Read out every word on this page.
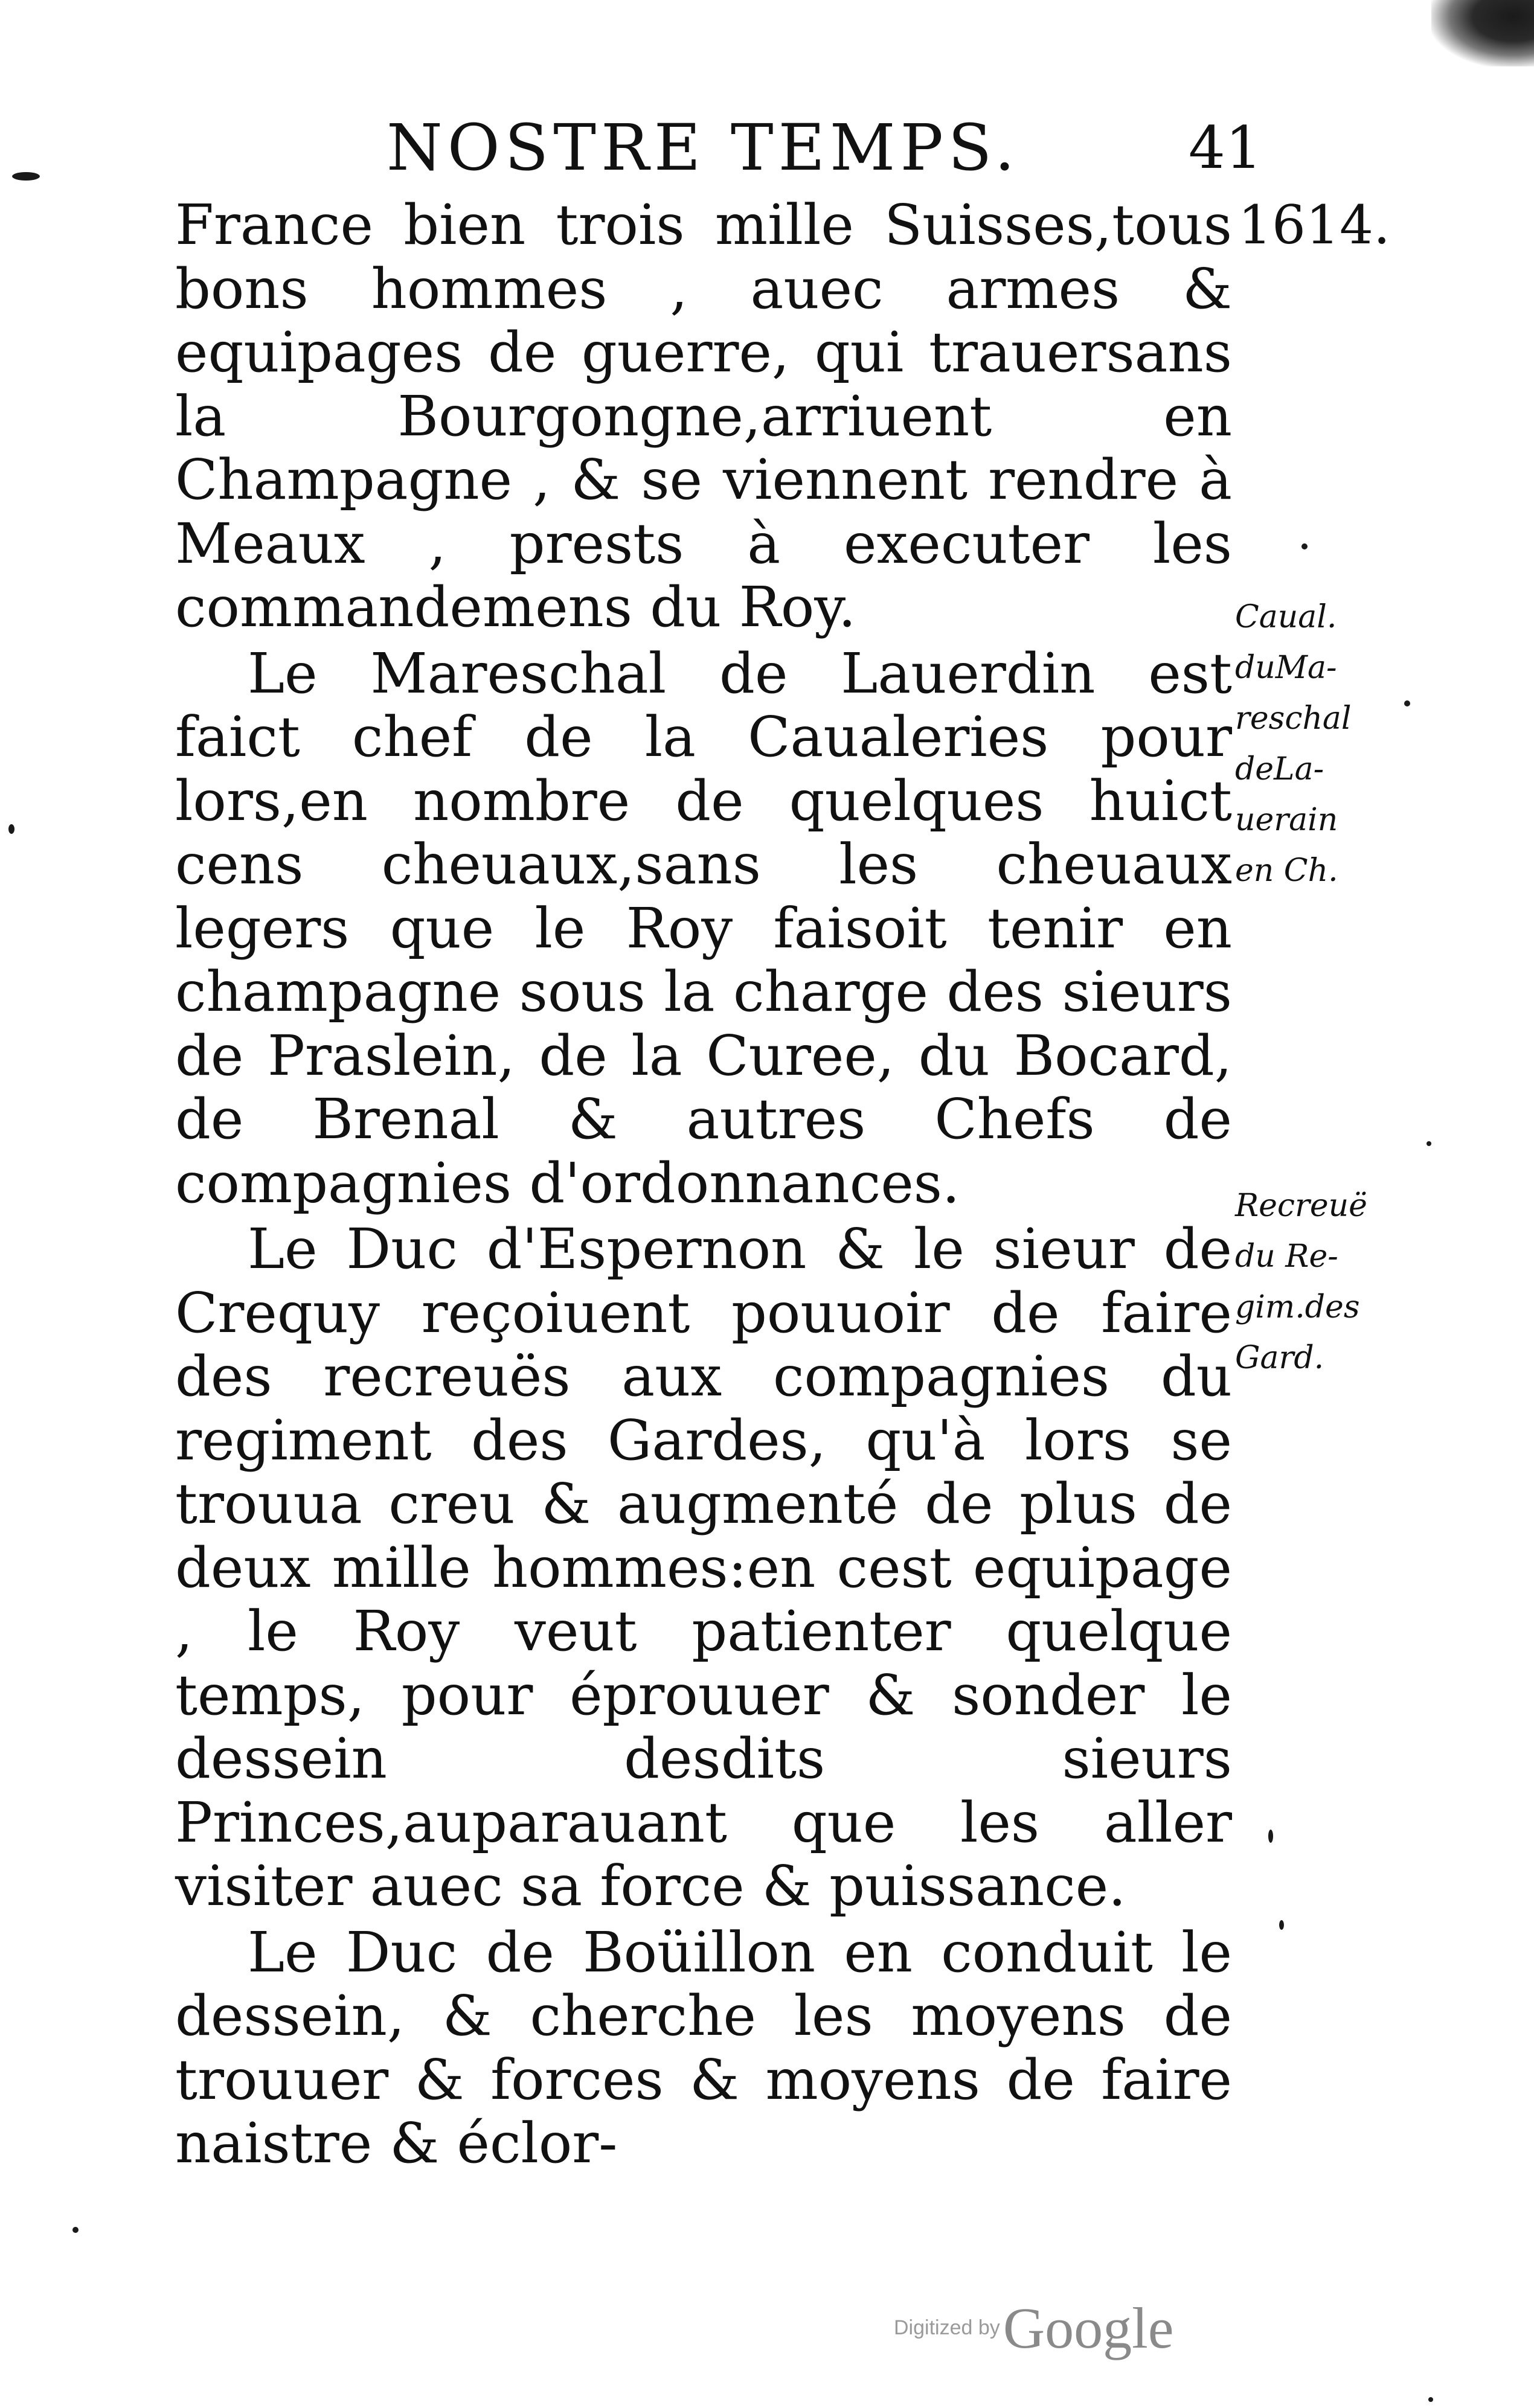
NOSTRE TEMPS.	41
1614.
Caual.
duMa-
reschal
deLa-
uerain
en Ch.
Recreuë
du Re-
gim.des
Gard.

France bien trois mille Suisses,tous bons hommes , auec armes & equipages de guerre, qui trauersans la Bourgongne,arriuent en Champagne , & se viennent rendre à Meaux , prests à executer les commandemens du Roy.

Le Mareschal de Lauerdin est faict chef de la Caualeries pour lors,en nombre de quelques huict cens cheuaux,sans les cheuaux legers que le Roy faisoit tenir en champagne sous la charge des sieurs de Praslein, de la Curee, du Bocard, de Brenal & autres Chefs de compagnies d'ordonnances.

Le Duc d'Espernon & le sieur de Crequy reçoiuent pouuoir de faire des recreuës aux compagnies du regiment des Gardes, qu'à lors se trouua creu & augmenté de plus de deux mille hommes:en cest equipage , le Roy veut patienter quelque temps, pour éprouuer & sonder le dessein desdits sieurs Princes,auparauant que les aller visiter auec sa force & puissance.

Le Duc de Boüillon en conduit le dessein, & cherche les moyens de trouuer & forces & moyens de faire naistre & éclor-

Digitized by Google
